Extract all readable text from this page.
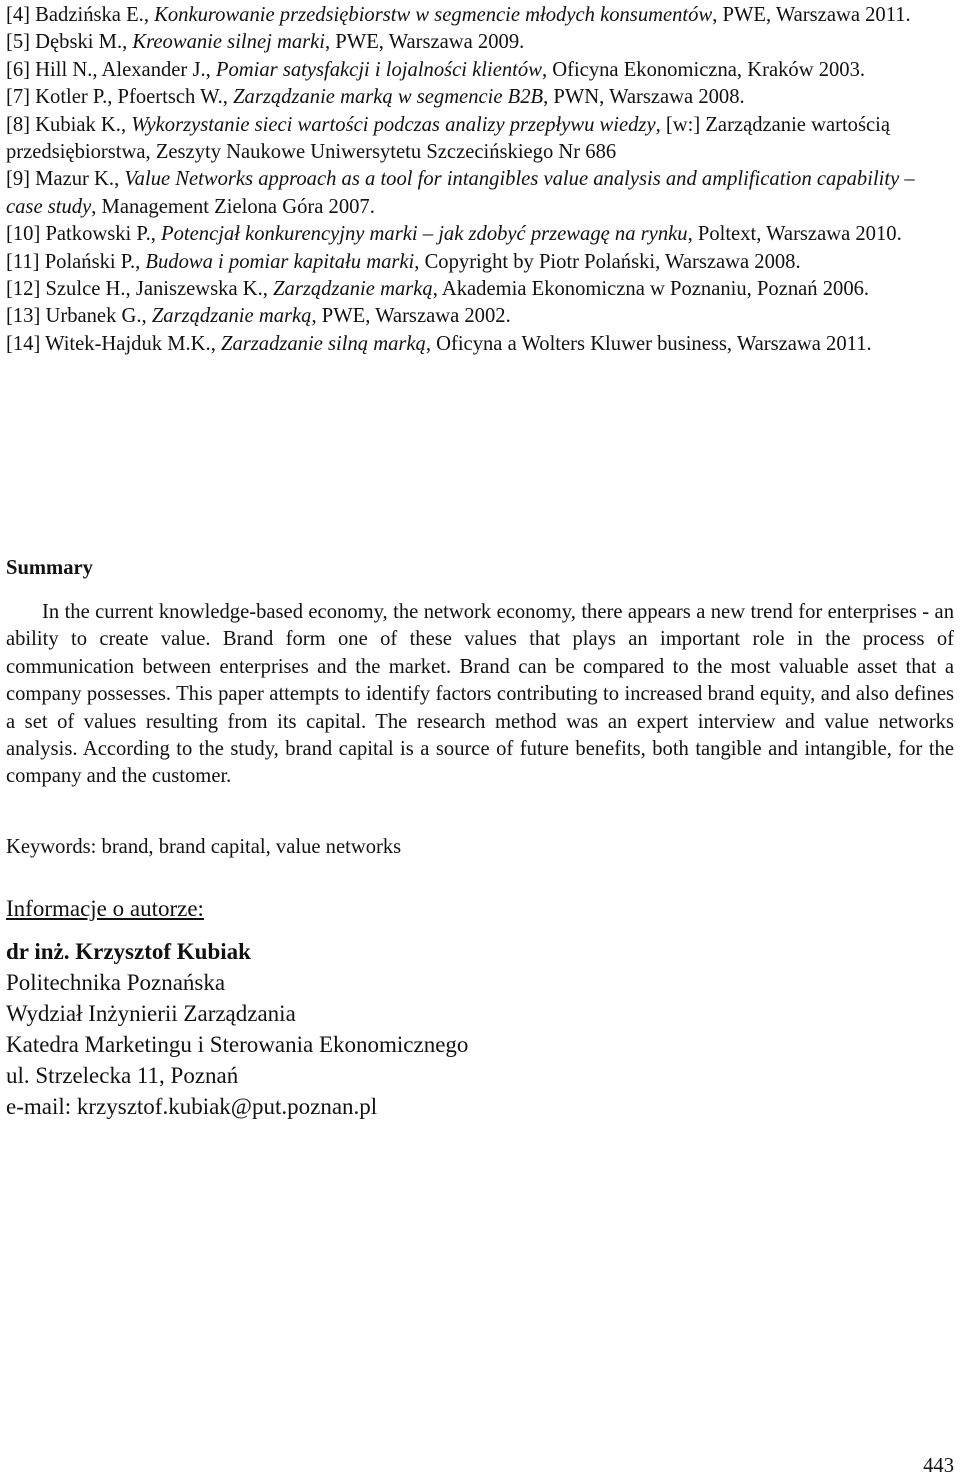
[4] Badzińska E., Konkurowanie przedsiębiorstw w segmencie młodych konsumentów, PWE, Warszawa 2011.

[5] Dębski M., Kreowanie silnej marki, PWE, Warszawa 2009.

[6] Hill N., Alexander J., Pomiar satysfakcji i lojalności klientów, Oficyna Ekonomiczna, Kraków 2003.

[7] Kotler P., Pfoertsch W., Zarządzanie marką w segmencie B2B, PWN, Warszawa 2008.

[8] Kubiak K., Wykorzystanie sieci wartości podczas analizy przepływu wiedzy, [w:] Zarządzanie wartością przedsiębiorstwa, Zeszyty Naukowe Uniwersytetu Szczecińskiego Nr 686

[9] Mazur K., Value Networks approach as a tool for intangibles value analysis and amplification capability – case study, Management Zielona Góra 2007.

[10] Patkowski P., Potencjał konkurencyjny marki – jak zdobyć przewagę na rynku, Poltext, Warszawa 2010.

[11] Polański P., Budowa i pomiar kapitału marki, Copyright by Piotr Polański, Warszawa 2008.

[12] Szulce H., Janiszewska K., Zarządzanie marką, Akademia Ekonomiczna w Poznaniu, Poznań 2006.

[13] Urbanek G., Zarządzanie marką, PWE, Warszawa 2002.

[14] Witek-Hajduk M.K., Zarzadzanie silną marką, Oficyna a Wolters Kluwer business, Warszawa 2011.

Summary

In the current knowledge-based economy, the network economy, there appears a new trend for enterprises - an ability to create value. Brand form one of these values that plays an important role in the process of communication between enterprises and the market. Brand can be compared to the most valuable asset that a company possesses. This paper attempts to identify factors contributing to increased brand equity, and also defines a set of values resulting from its capital. The research method was an expert interview and value networks analysis. According to the study, brand capital is a source of future benefits, both tangible and intangible, for the company and the customer.

Keywords: brand, brand capital, value networks

Informacje o autorze:

dr inż. Krzysztof Kubiak
Politechnika Poznańska
Wydział Inżynierii Zarządzania
Katedra Marketingu i Sterowania Ekonomicznego
ul. Strzelecka 11, Poznań
e-mail: krzysztof.kubiak@put.poznan.pl
443
